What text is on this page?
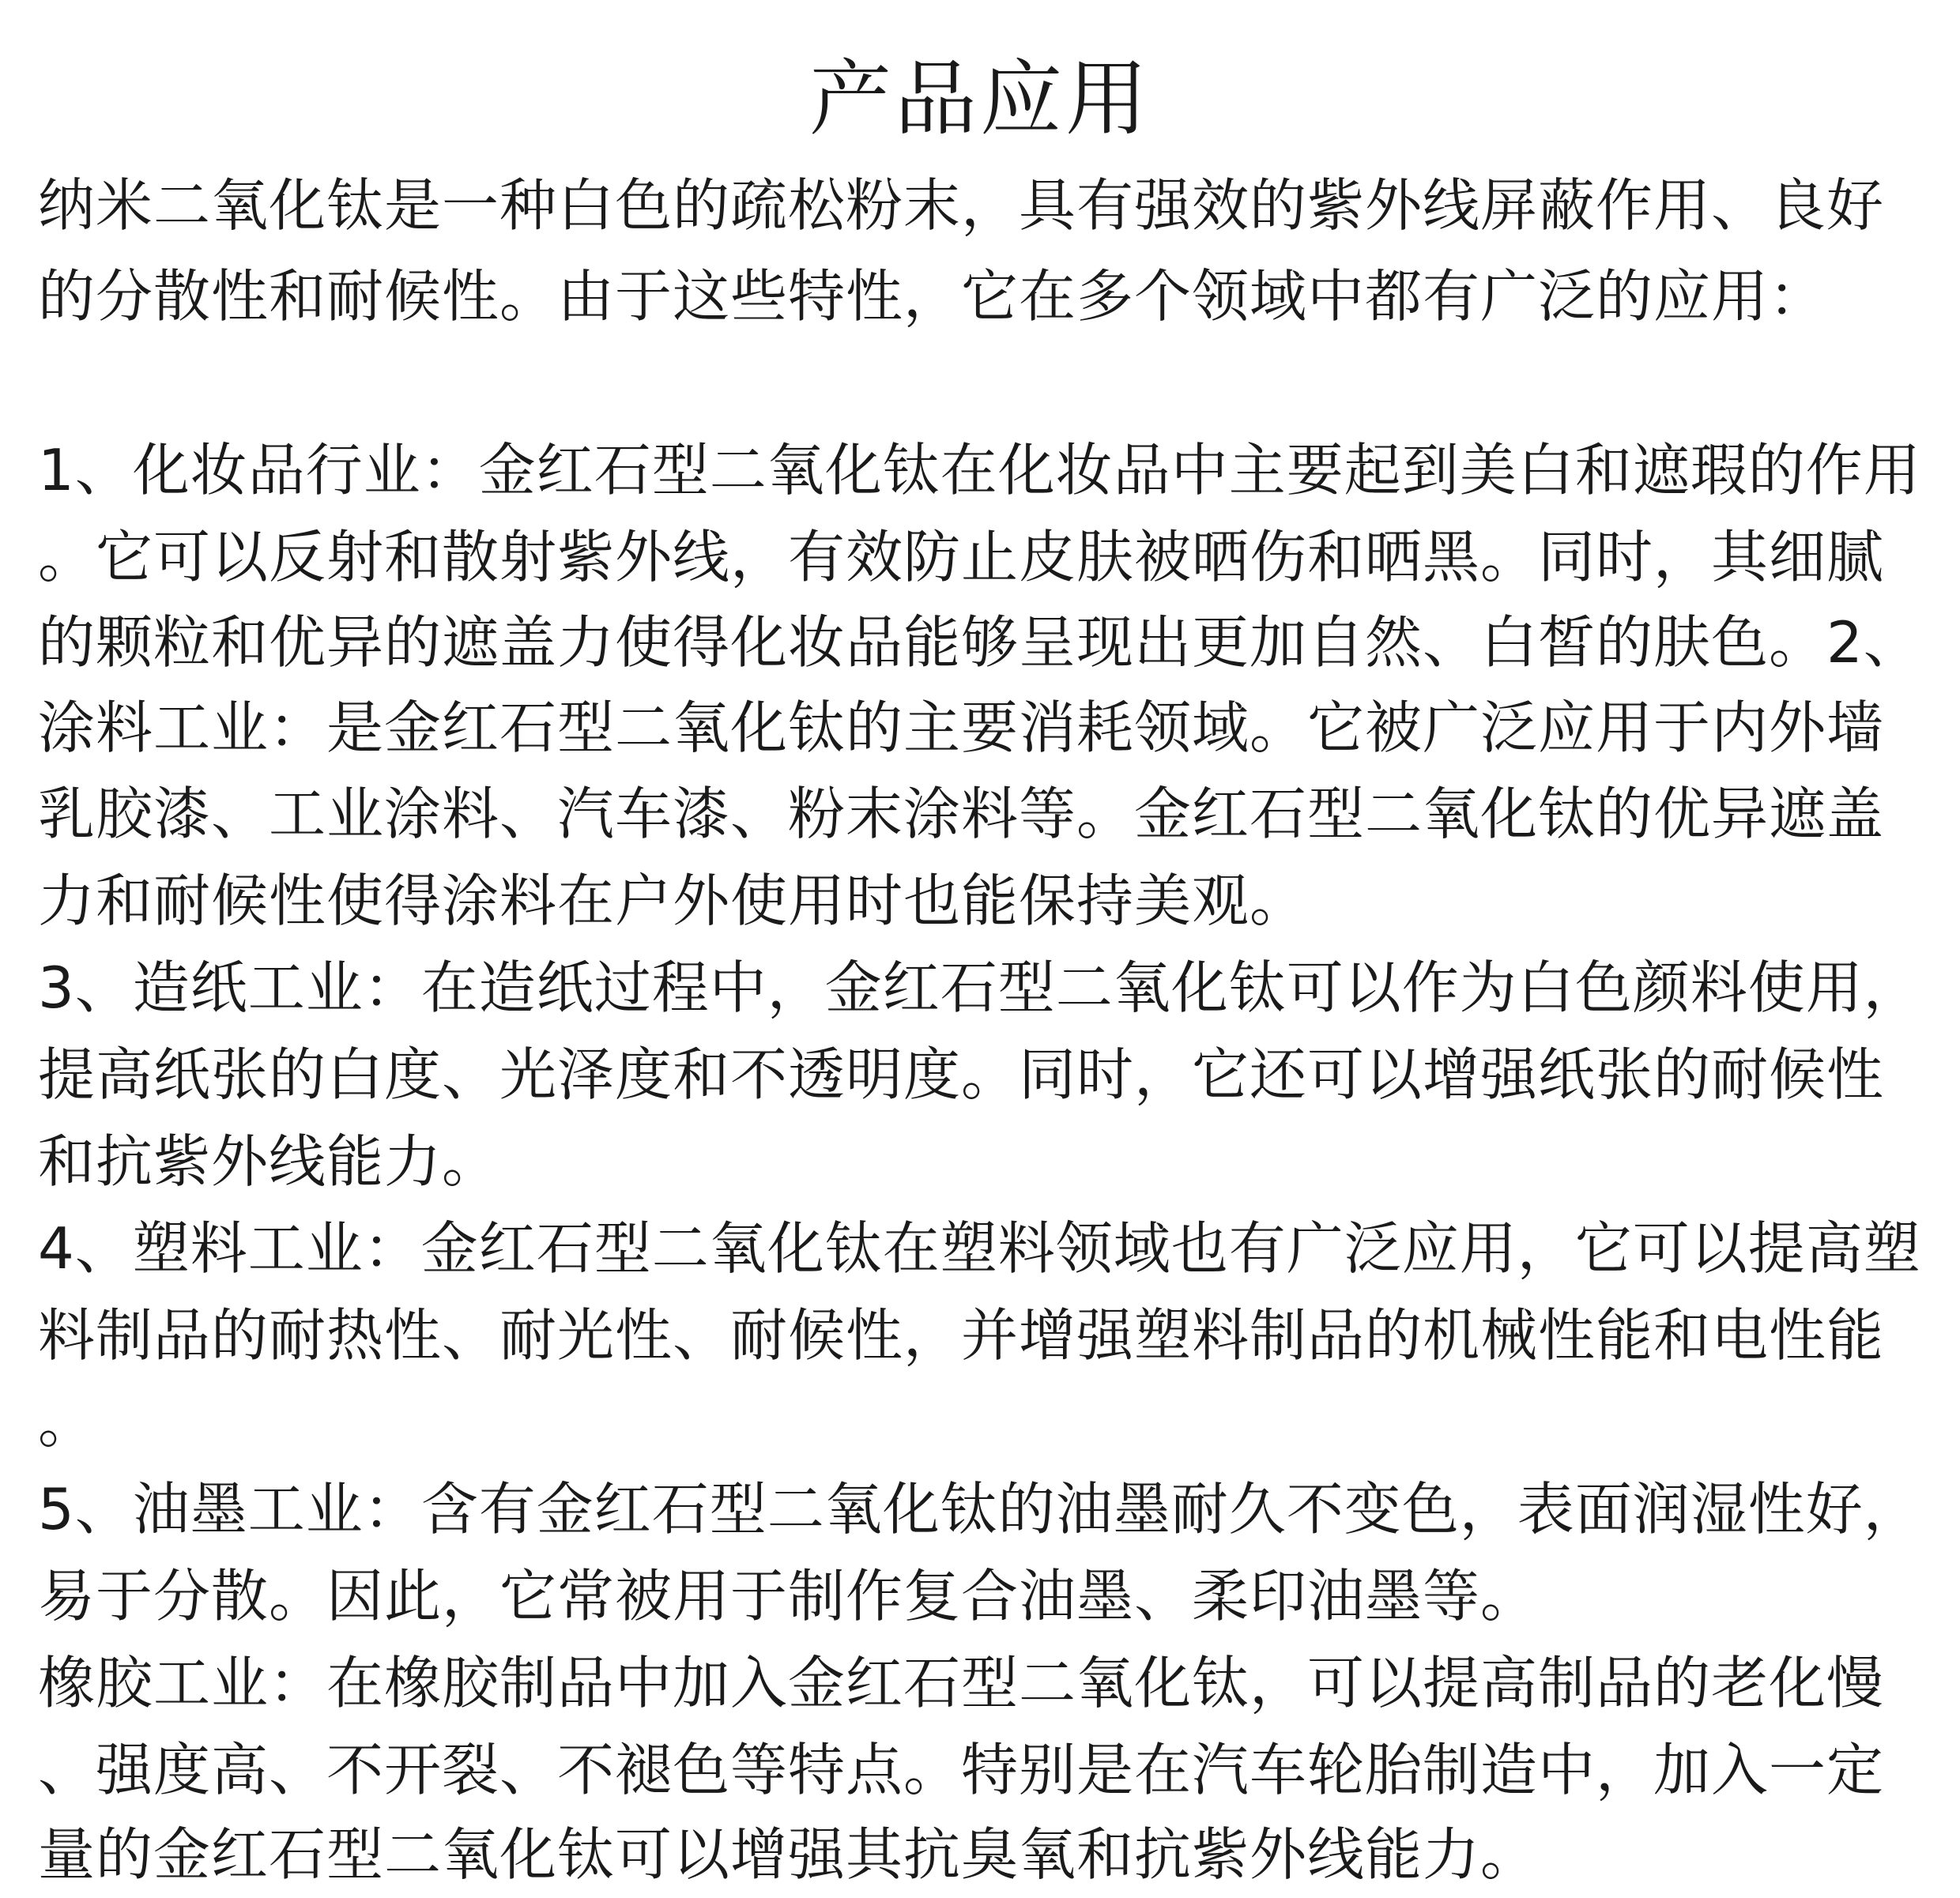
产品应用
纳米二氧化钛是一种白色的疏松粉末，具有强效的紫外线屏蔽作用、良好
的分散性和耐候性。由于这些特性，它在多个领域中都有广泛的应用：
1、化妆品行业：金红石型二氧化钛在化妆品中主要起到美白和遮瑕的作用
。它可以反射和散射紫外线，有效防止皮肤被晒伤和晒黑。同时，其细腻
的颗粒和优异的遮盖力使得化妆品能够呈现出更加自然、白皙的肤色。2、
涂料工业：是金红石型二氧化钛的主要消耗领域。它被广泛应用于内外墙
乳胶漆、工业涂料、汽车漆、粉末涂料等。金红石型二氧化钛的优异遮盖
力和耐候性使得涂料在户外使用时也能保持美观。
3、造纸工业：在造纸过程中，金红石型二氧化钛可以作为白色颜料使用，
提高纸张的白度、光泽度和不透明度。同时，它还可以增强纸张的耐候性
和抗紫外线能力。
4、塑料工业：金红石型二氧化钛在塑料领域也有广泛应用，它可以提高塑
料制品的耐热性、耐光性、耐候性，并增强塑料制品的机械性能和电性能
。
5、油墨工业：含有金红石型二氧化钛的油墨耐久不变色，表面润湿性好，
易于分散。因此，它常被用于制作复合油墨、柔印油墨等。
橡胶工业：在橡胶制品中加入金红石型二氧化钛，可以提高制品的老化慢
、强度高、不开裂、不褪色等特点。特别是在汽车轮胎制造中，加入一定
量的金红石型二氧化钛可以增强其抗臭氧和抗紫外线能力。
